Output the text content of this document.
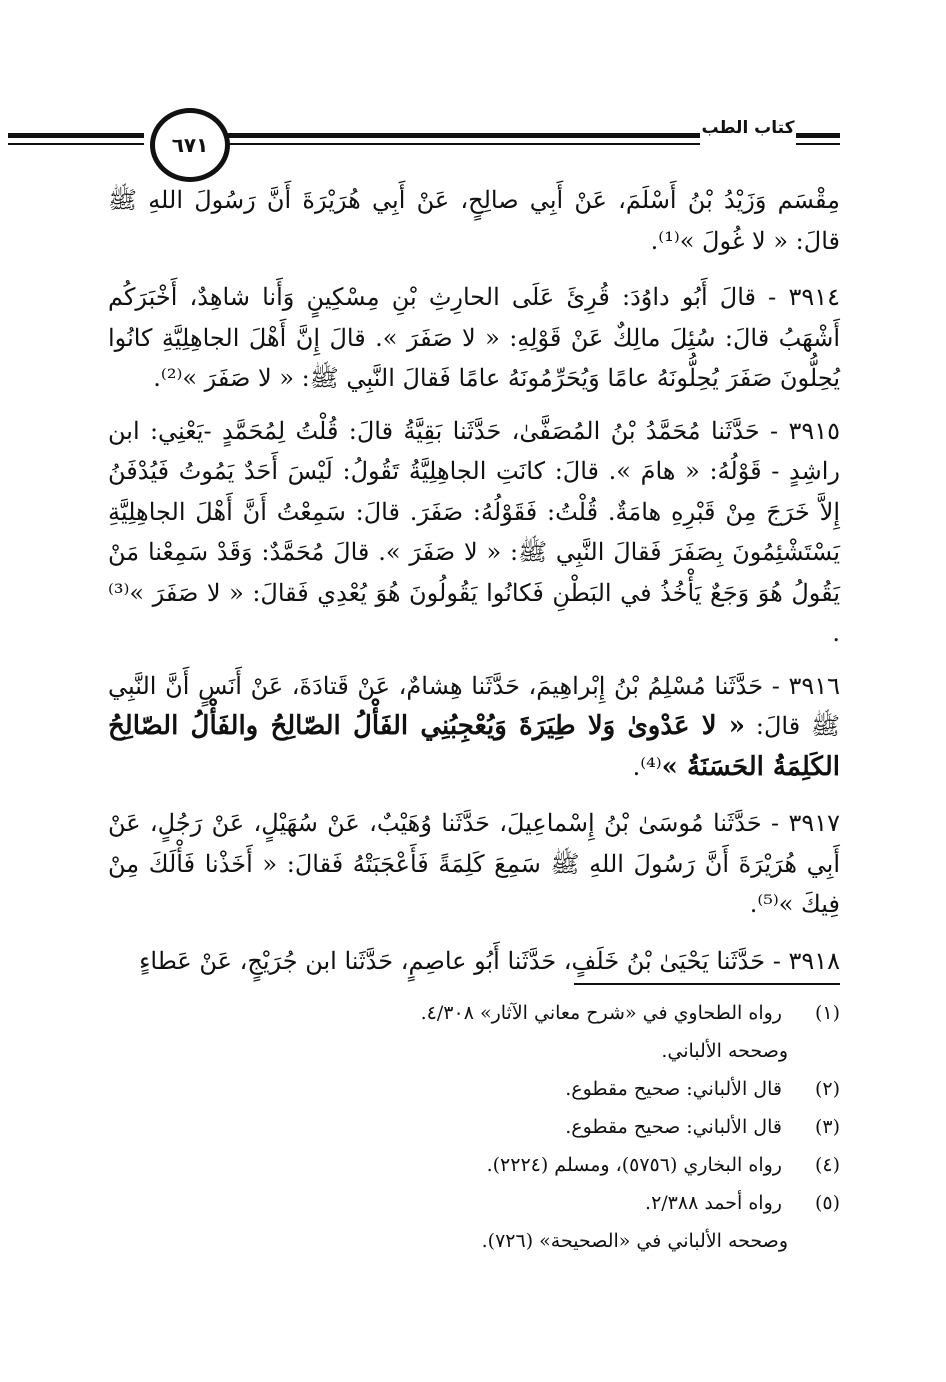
٦٧١
كتاب الطب

مِقْسَم وَزَيْدُ بْنُ أَسْلَمَ، عَنْ أَبِي صالِحٍ، عَنْ أَبِي هُرَيْرَةَ أَنَّ رَسُولَ اللهِ ﷺ قالَ: « لا غُولَ »⁽¹⁾.

٣٩١٤ - قالَ أَبُو داوُدَ: قُرِئَ عَلَى الحارِثِ بْنِ مِسْكِينٍ وَأَنا شاهِدٌ، أَخْبَرَكُم أَشْهَبُ قالَ: سُئِلَ مالِكٌ عَنْ قَوْلِهِ: « لا صَفَرَ ». قالَ إِنَّ أَهْلَ الجاهِلِيَّةِ كانُوا يُحِلُّونَ صَفَرَ يُحِلُّونَهُ عامًا وَيُحَرِّمُونَهُ عامًا فَقالَ النَّبِي ﷺ: « لا صَفَرَ »⁽²⁾.

٣٩١٥ - حَدَّثَنا مُحَمَّدُ بْنُ المُصَفَّىٰ، حَدَّثَنا بَقِيَّةُ قالَ: قُلْتُ لِمُحَمَّدٍ -يَعْنِي: ابن راشِدٍ - قَوْلُهُ: « هامَ ». قالَ: كانَتِ الجاهِلِيَّةُ تَقُولُ: لَيْسَ أَحَدٌ يَمُوتُ فَيُدْفَنُ إِلاَّ خَرَجَ مِنْ قَبْرِهِ هامَةٌ. قُلْتُ: فَقَوْلُهُ: صَفَرَ. قالَ: سَمِعْتُ أَنَّ أَهْلَ الجاهِلِيَّةِ يَسْتَشْئِمُونَ بِصَفَرَ فَقالَ النَّبِي ﷺ: « لا صَفَرَ ». قالَ مُحَمَّدٌ: وَقَدْ سَمِعْنا مَنْ يَقُولُ هُوَ وَجَعٌ يَأْخُذُ في البَطْنِ فَكانُوا يَقُولُونَ هُوَ يُعْدِي فَقالَ: « لا صَفَرَ »⁽³⁾ .

٣٩١٦ - حَدَّثَنا مُسْلِمُ بْنُ إِبْراهِيمَ، حَدَّثَنا هِشامٌ، عَنْ قَتادَةَ، عَنْ أَنَسٍ أَنَّ النَّبِي ﷺ قالَ: « لا عَدْوىٰ وَلا طِيَرَةَ وَيُعْجِبُنِي الفَأْلُ الصّالِحُ والفَأْلُ الصّالِحُ الكَلِمَةُ الحَسَنَةُ »⁽⁴⁾.

٣٩١٧ - حَدَّثَنا مُوسَىٰ بْنُ إِسْماعِيلَ، حَدَّثَنا وُهَيْبٌ، عَنْ سُهَيْلٍ، عَنْ رَجُلٍ، عَنْ أَبِي هُرَيْرَةَ أَنَّ رَسُولَ اللهِ ﷺ سَمِعَ كَلِمَةً فَأَعْجَبَتْهُ فَقالَ: « أَخَذْنا فَأْلَكَ مِنْ فِيكَ »⁽⁵⁾.

٣٩١٨ - حَدَّثَنا يَحْيَىٰ بْنُ خَلَفٍ، حَدَّثَنا أَبُو عاصِمٍ، حَدَّثَنا ابن جُرَيْجٍ، عَنْ عَطاءٍ

(١) رواه الطحاوي في «شرح معاني الآثار» ٤/٣٠٨.
وصححه الألباني.
(٢) قال الألباني: صحيح مقطوع.
(٣) قال الألباني: صحيح مقطوع.
(٤) رواه البخاري (٥٧٥٦)، ومسلم (٢٢٢٤).
(٥) رواه أحمد ٢/٣٨٨.
وصححه الألباني في «الصحيحة» (٧٢٦).
